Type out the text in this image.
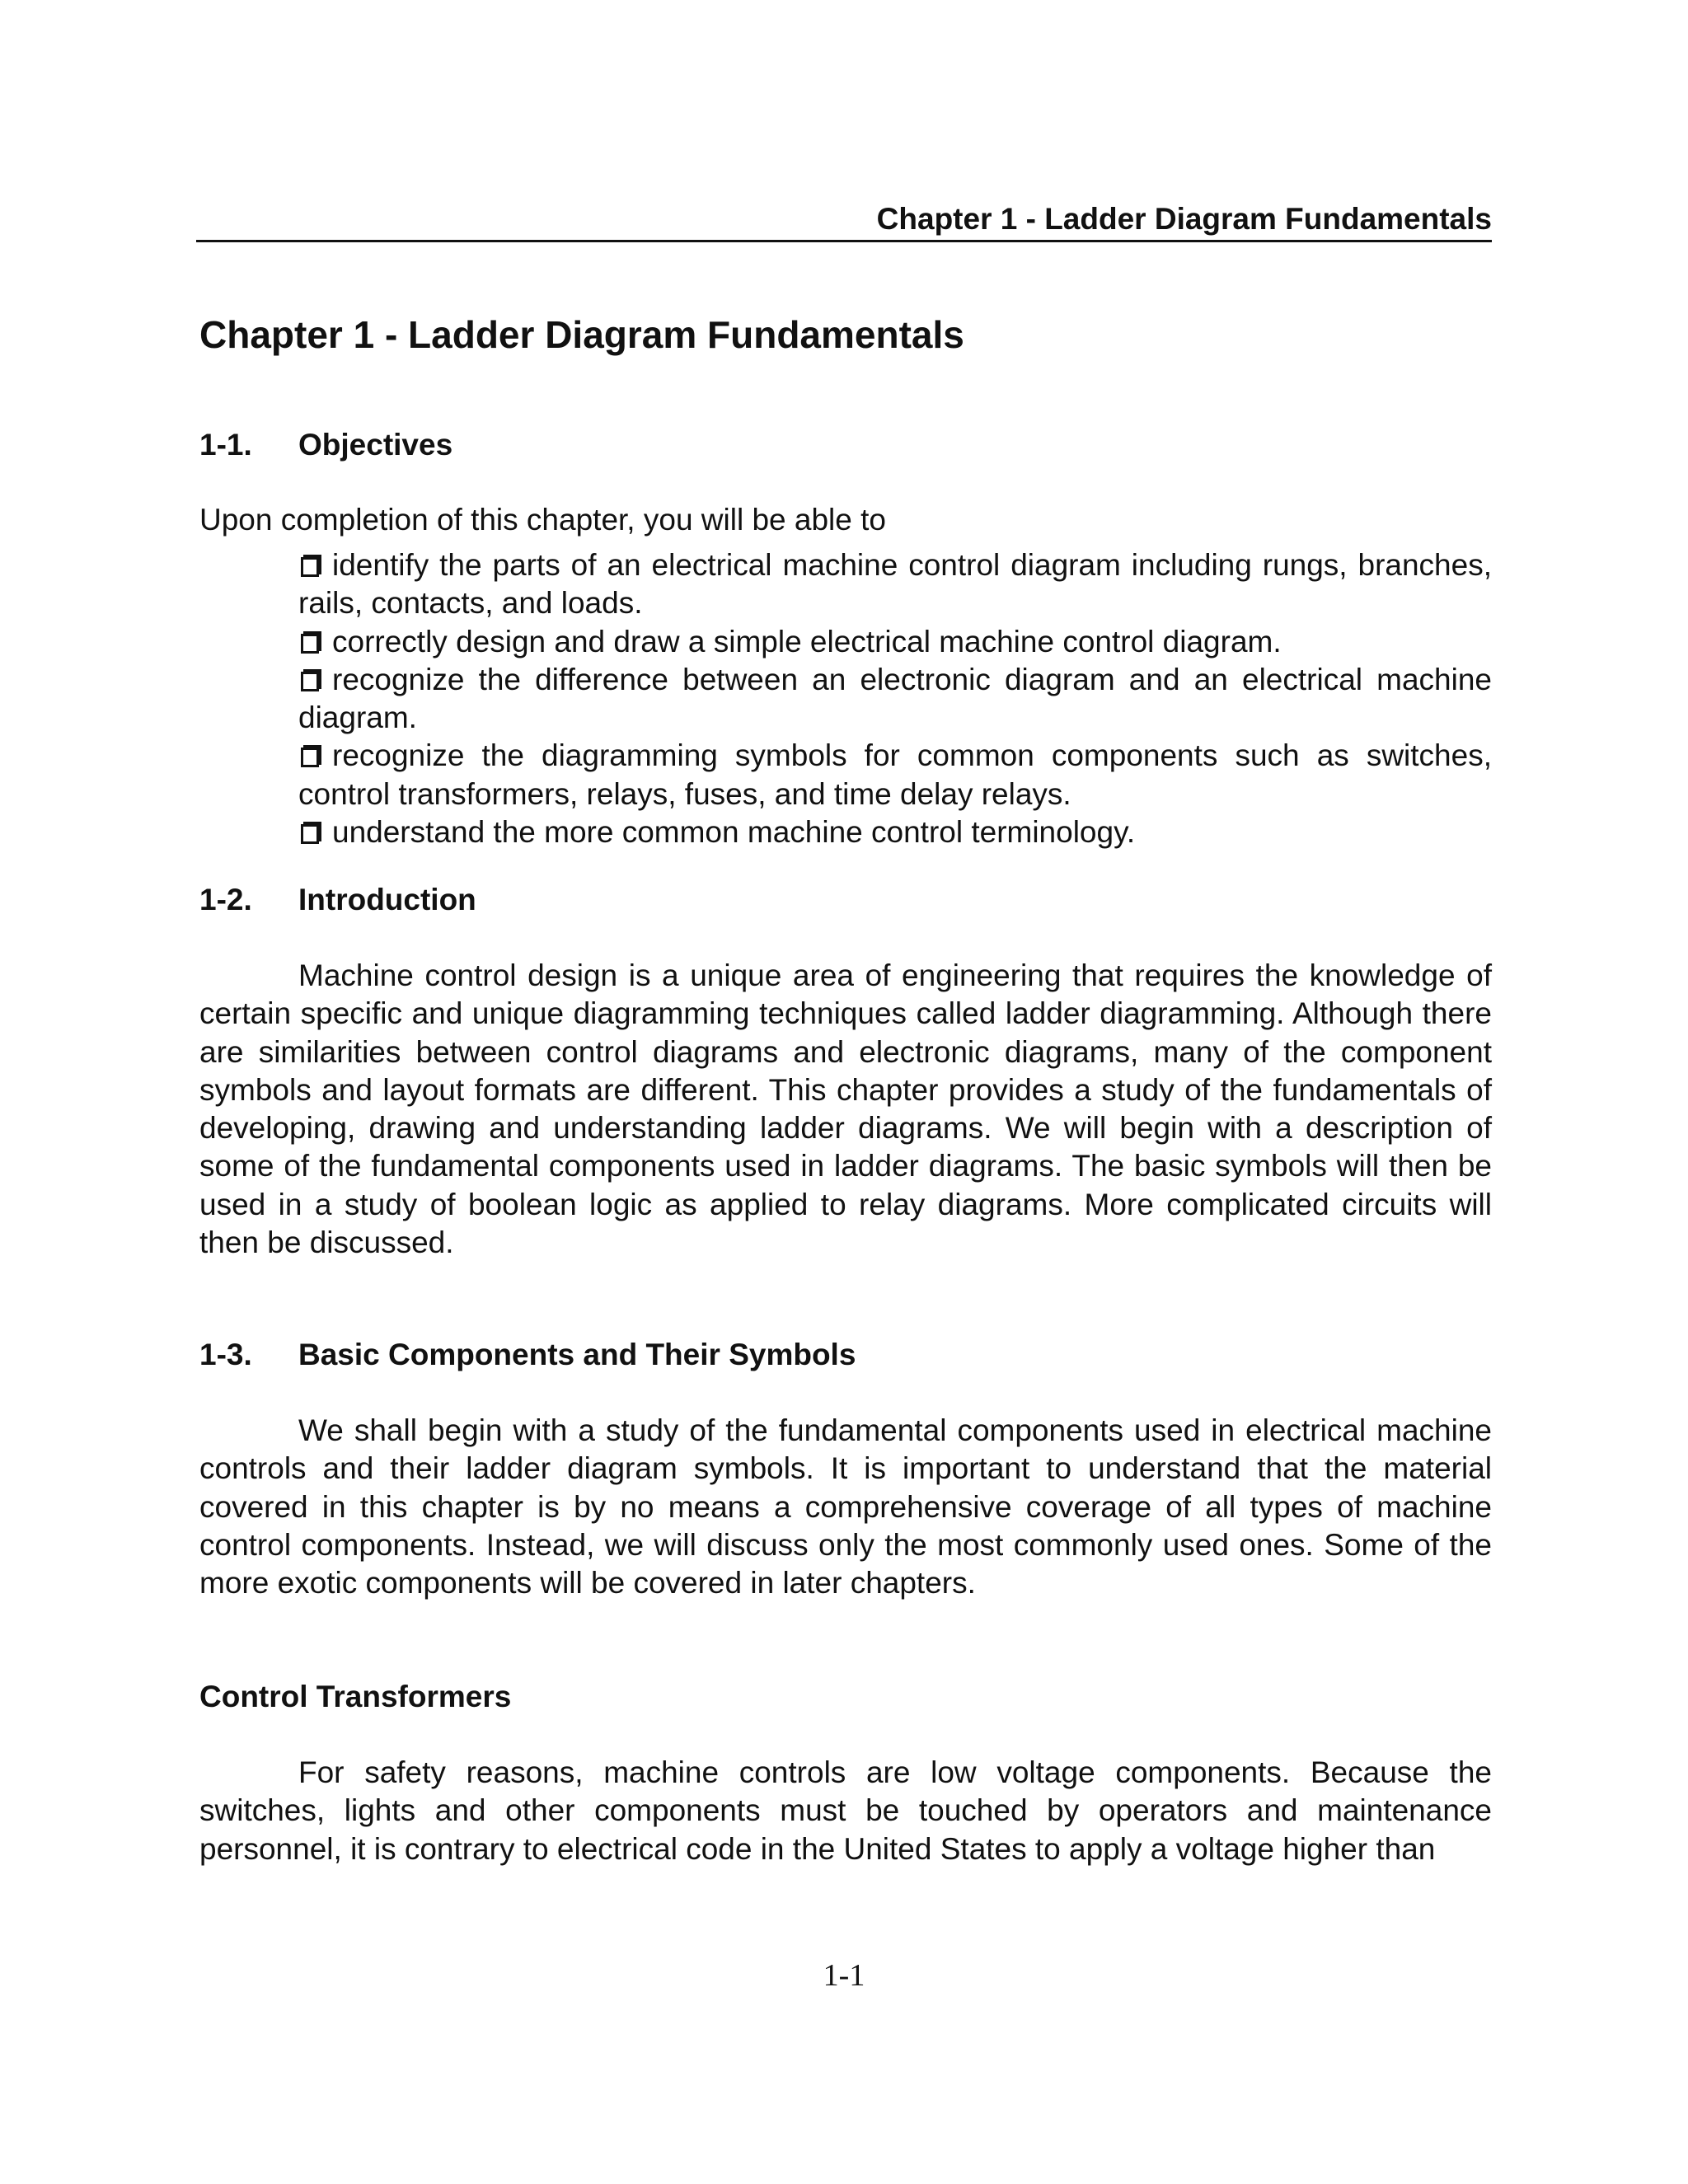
Chapter 1 - Ladder Diagram Fundamentals
Chapter 1 - Ladder Diagram Fundamentals
1-1. Objectives

Upon completion of this chapter, you will be able to

identify the parts of an electrical machine control diagram including rungs, branches, rails, contacts, and loads.
correctly design and draw a simple electrical machine control diagram.
recognize the difference between an electronic diagram and an electrical machine diagram.
recognize the diagramming symbols for common components such as switches, control transformers, relays, fuses, and time delay relays.
understand the more common machine control terminology.
1-2. Introduction

Machine control design is a unique area of engineering that requires the knowledge of certain specific and unique diagramming techniques called ladder diagramming. Although there are similarities between control diagrams and electronic diagrams, many of the component symbols and layout formats are different. This chapter provides a study of the fundamentals of developing, drawing and understanding ladder diagrams. We will begin with a description of some of the fundamental components used in ladder diagrams. The basic symbols will then be used in a study of boolean logic as applied to relay diagrams. More complicated circuits will then be discussed.

1-3. Basic Components and Their Symbols

We shall begin with a study of the fundamental components used in electrical machine controls and their ladder diagram symbols. It is important to understand that the material covered in this chapter is by no means a comprehensive coverage of all types of machine control components. Instead, we will discuss only the most commonly used ones. Some of the more exotic components will be covered in later chapters.

Control Transformers

For safety reasons, machine controls are low voltage components. Because the switches, lights and other components must be touched by operators and maintenance personnel, it is contrary to electrical code in the United States to apply a voltage higher than

1-1
